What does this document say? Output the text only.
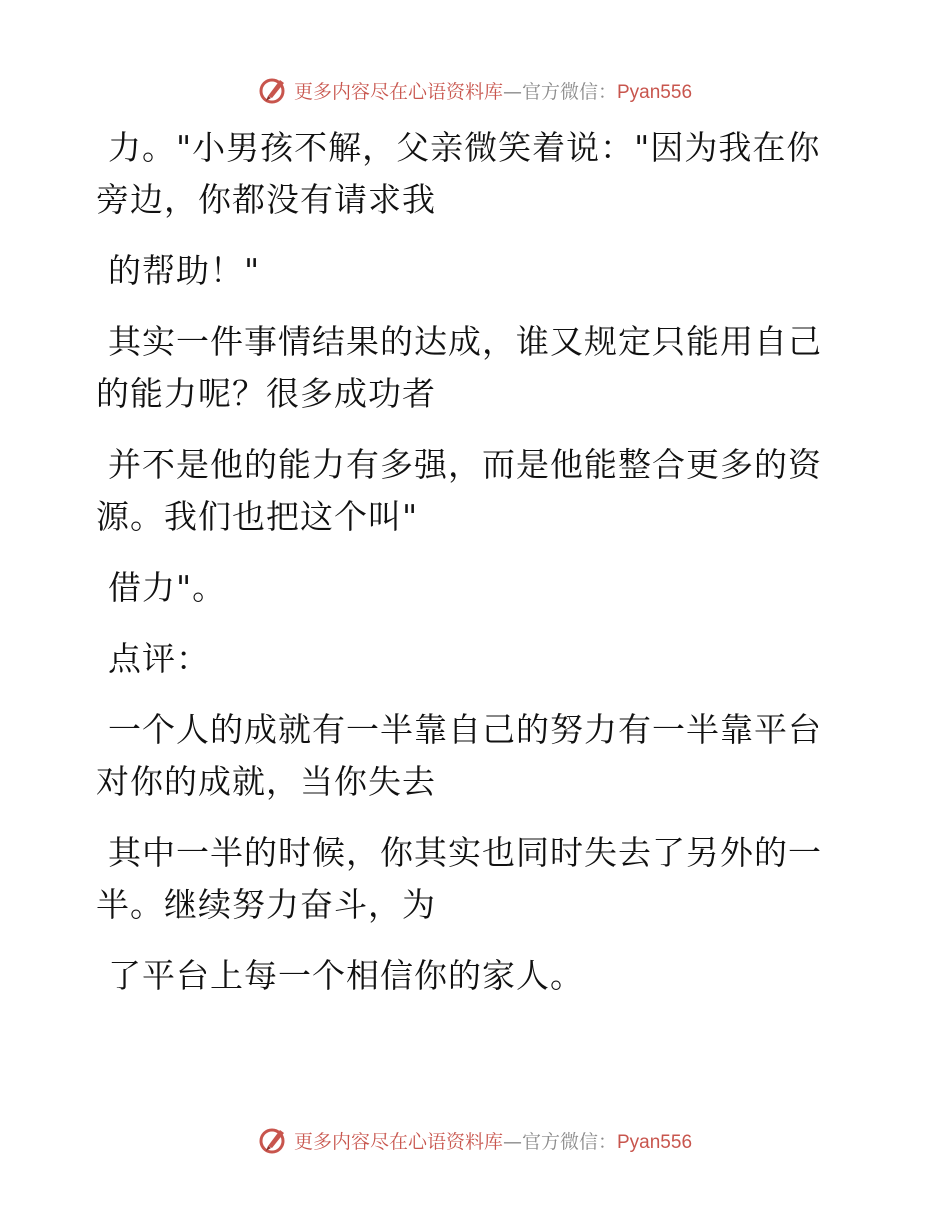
更多内容尽在心语资料库—官方微信：Pyan556

力。"小男孩不解，父亲微笑着说："因为我在你
旁边，你都没有请求我

的帮助！"

其实一件事情结果的达成，谁又规定只能用自己
的能力呢？很多成功者

并不是他的能力有多强，而是他能整合更多的资
源。我们也把这个叫"

借力"。

点评：

一个人的成就有一半靠自己的努力有一半靠平台
对你的成就，当你失去

其中一半的时候，你其实也同时失去了另外的一
半。继续努力奋斗，为

了平台上每一个相信你的家人。

更多内容尽在心语资料库—官方微信：Pyan556
